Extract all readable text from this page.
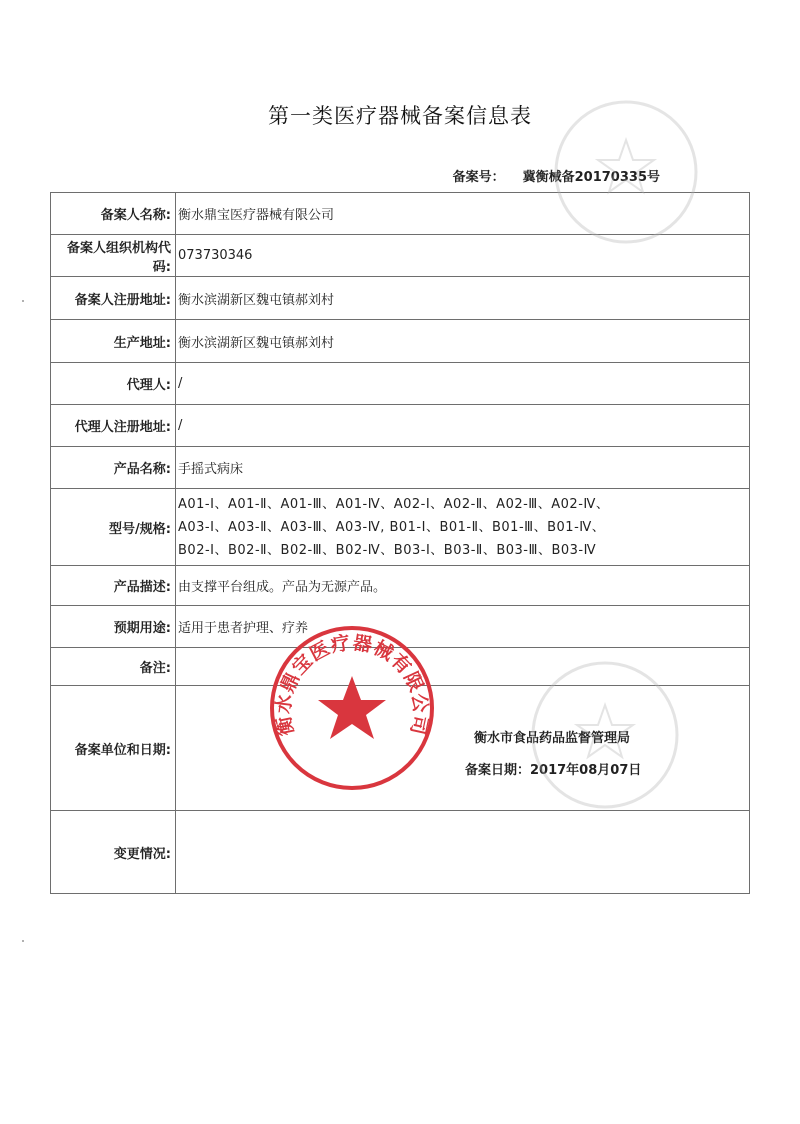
第一类医疗器械备案信息表
备案号： 冀衡械备20170335号
备案人名称:	衡水鼎宝医疗器械有限公司
备案人组织机构代码:	073730346
备案人注册地址:	衡水滨湖新区魏屯镇郝刘村
生产地址:	衡水滨湖新区魏屯镇郝刘村
代理人:	/
代理人注册地址:	/
产品名称:	手摇式病床
型号/规格:	A01-Ⅰ、A01-Ⅱ、A01-Ⅲ、A01-Ⅳ、A02-Ⅰ、A02-Ⅱ、A02-Ⅲ、A02-Ⅳ、
A03-Ⅰ、A03-Ⅱ、A03-Ⅲ、A03-Ⅳ, B01-Ⅰ、B01-Ⅱ、B01-Ⅲ、B01-Ⅳ、
B02-Ⅰ、B02-Ⅱ、B02-Ⅲ、B02-Ⅳ、B03-Ⅰ、B03-Ⅱ、B03-Ⅲ、B03-Ⅳ

产品描述:	由支撑平台组成。产品为无源产品。
预期用途:	适用于患者护理、疗养
备注:	
备案单位和日期:	衡水市食品药品监督管理局
备案日期：2017年08月07日

变更情况:	
衡水鼎宝医疗器械有限公司
